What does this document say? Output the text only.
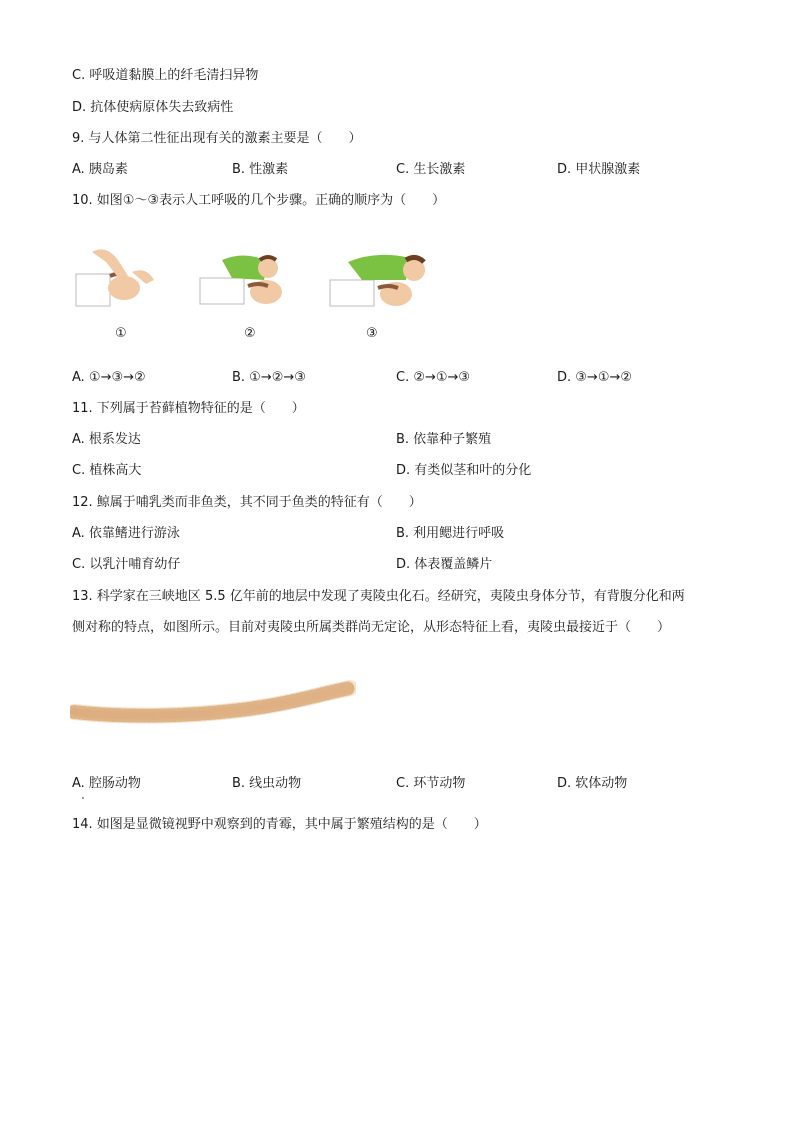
C. 呼吸道黏膜上的纤毛清扫异物
D. 抗体使病原体失去致病性
9. 与人体第二性征出现有关的激素主要是（　　）
A. 胰岛素	B. 性激素	C. 生长激素	D. 甲状腺激素
10. 如图①～③表示人工呼吸的几个步骤。正确的顺序为（　　）
①	②	③
A. ①→③→②	B. ①→②→③	C. ②→①→③	D. ③→①→②
11. 下列属于苔藓植物特征的是（　　）
A. 根系发达	B. 依靠种子繁殖
C. 植株高大	D. 有类似茎和叶的分化
12. 鲸属于哺乳类而非鱼类，其不同于鱼类的特征有（　　）
A. 依靠鳍进行游泳	B. 利用鳃进行呼吸
C. 以乳汁哺育幼仔	D. 体表覆盖鳞片
13. 科学家在三峡地区 5.5 亿年前的地层中发现了夷陵虫化石。经研究，夷陵虫身体分节，有背腹分化和两
侧对称的特点，如图所示。目前对夷陵虫所属类群尚无定论，从形态特征上看，夷陵虫最接近于（　　）
A. 腔肠动物	B. 线虫动物	C. 环节动物	D. 软体动物
14. 如图是显微镜视野中观察到的青霉，其中属于繁殖结构的是（　　）
